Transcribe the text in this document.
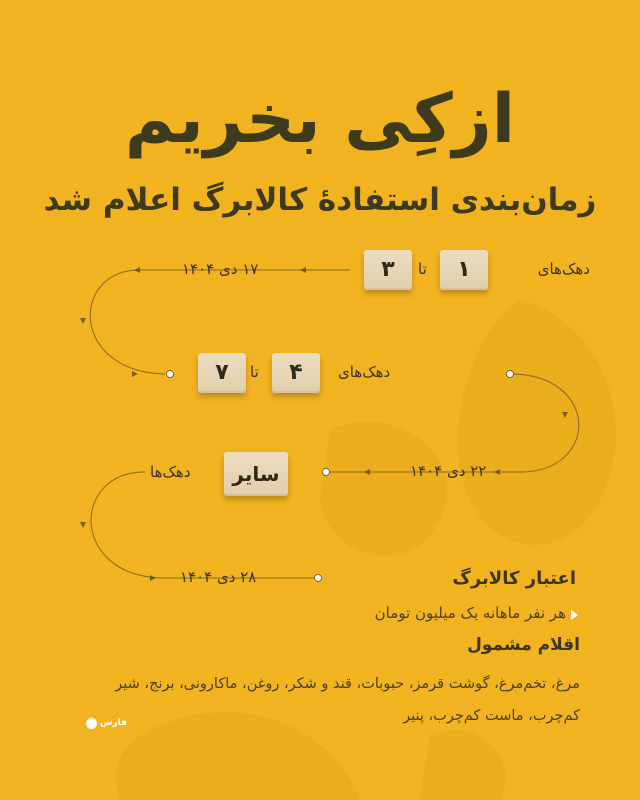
ازکِی بخریم
زمان‌بندی استفادهٔ کالابرگ اعلام شد
دهک‌های
۱
تا
۳
۱۷ دی ۱۴۰۴
دهک‌های
۴
تا
۷
۲۲ دی ۱۴۰۴
سایر
دهک‌ها
۲۸ دی ۱۴۰۴	اعتبار کالابرگ
هر نفر ماهانه یک میلیون تومان
اقلام مشمول

مرغ، تخم‌مرغ، گوشت قرمز، حبوبات، قند و شکر، روغن، ماکارونی، برنج، شیر کم‌چرب، ماست کم‌چرب، پنیر

فارس
